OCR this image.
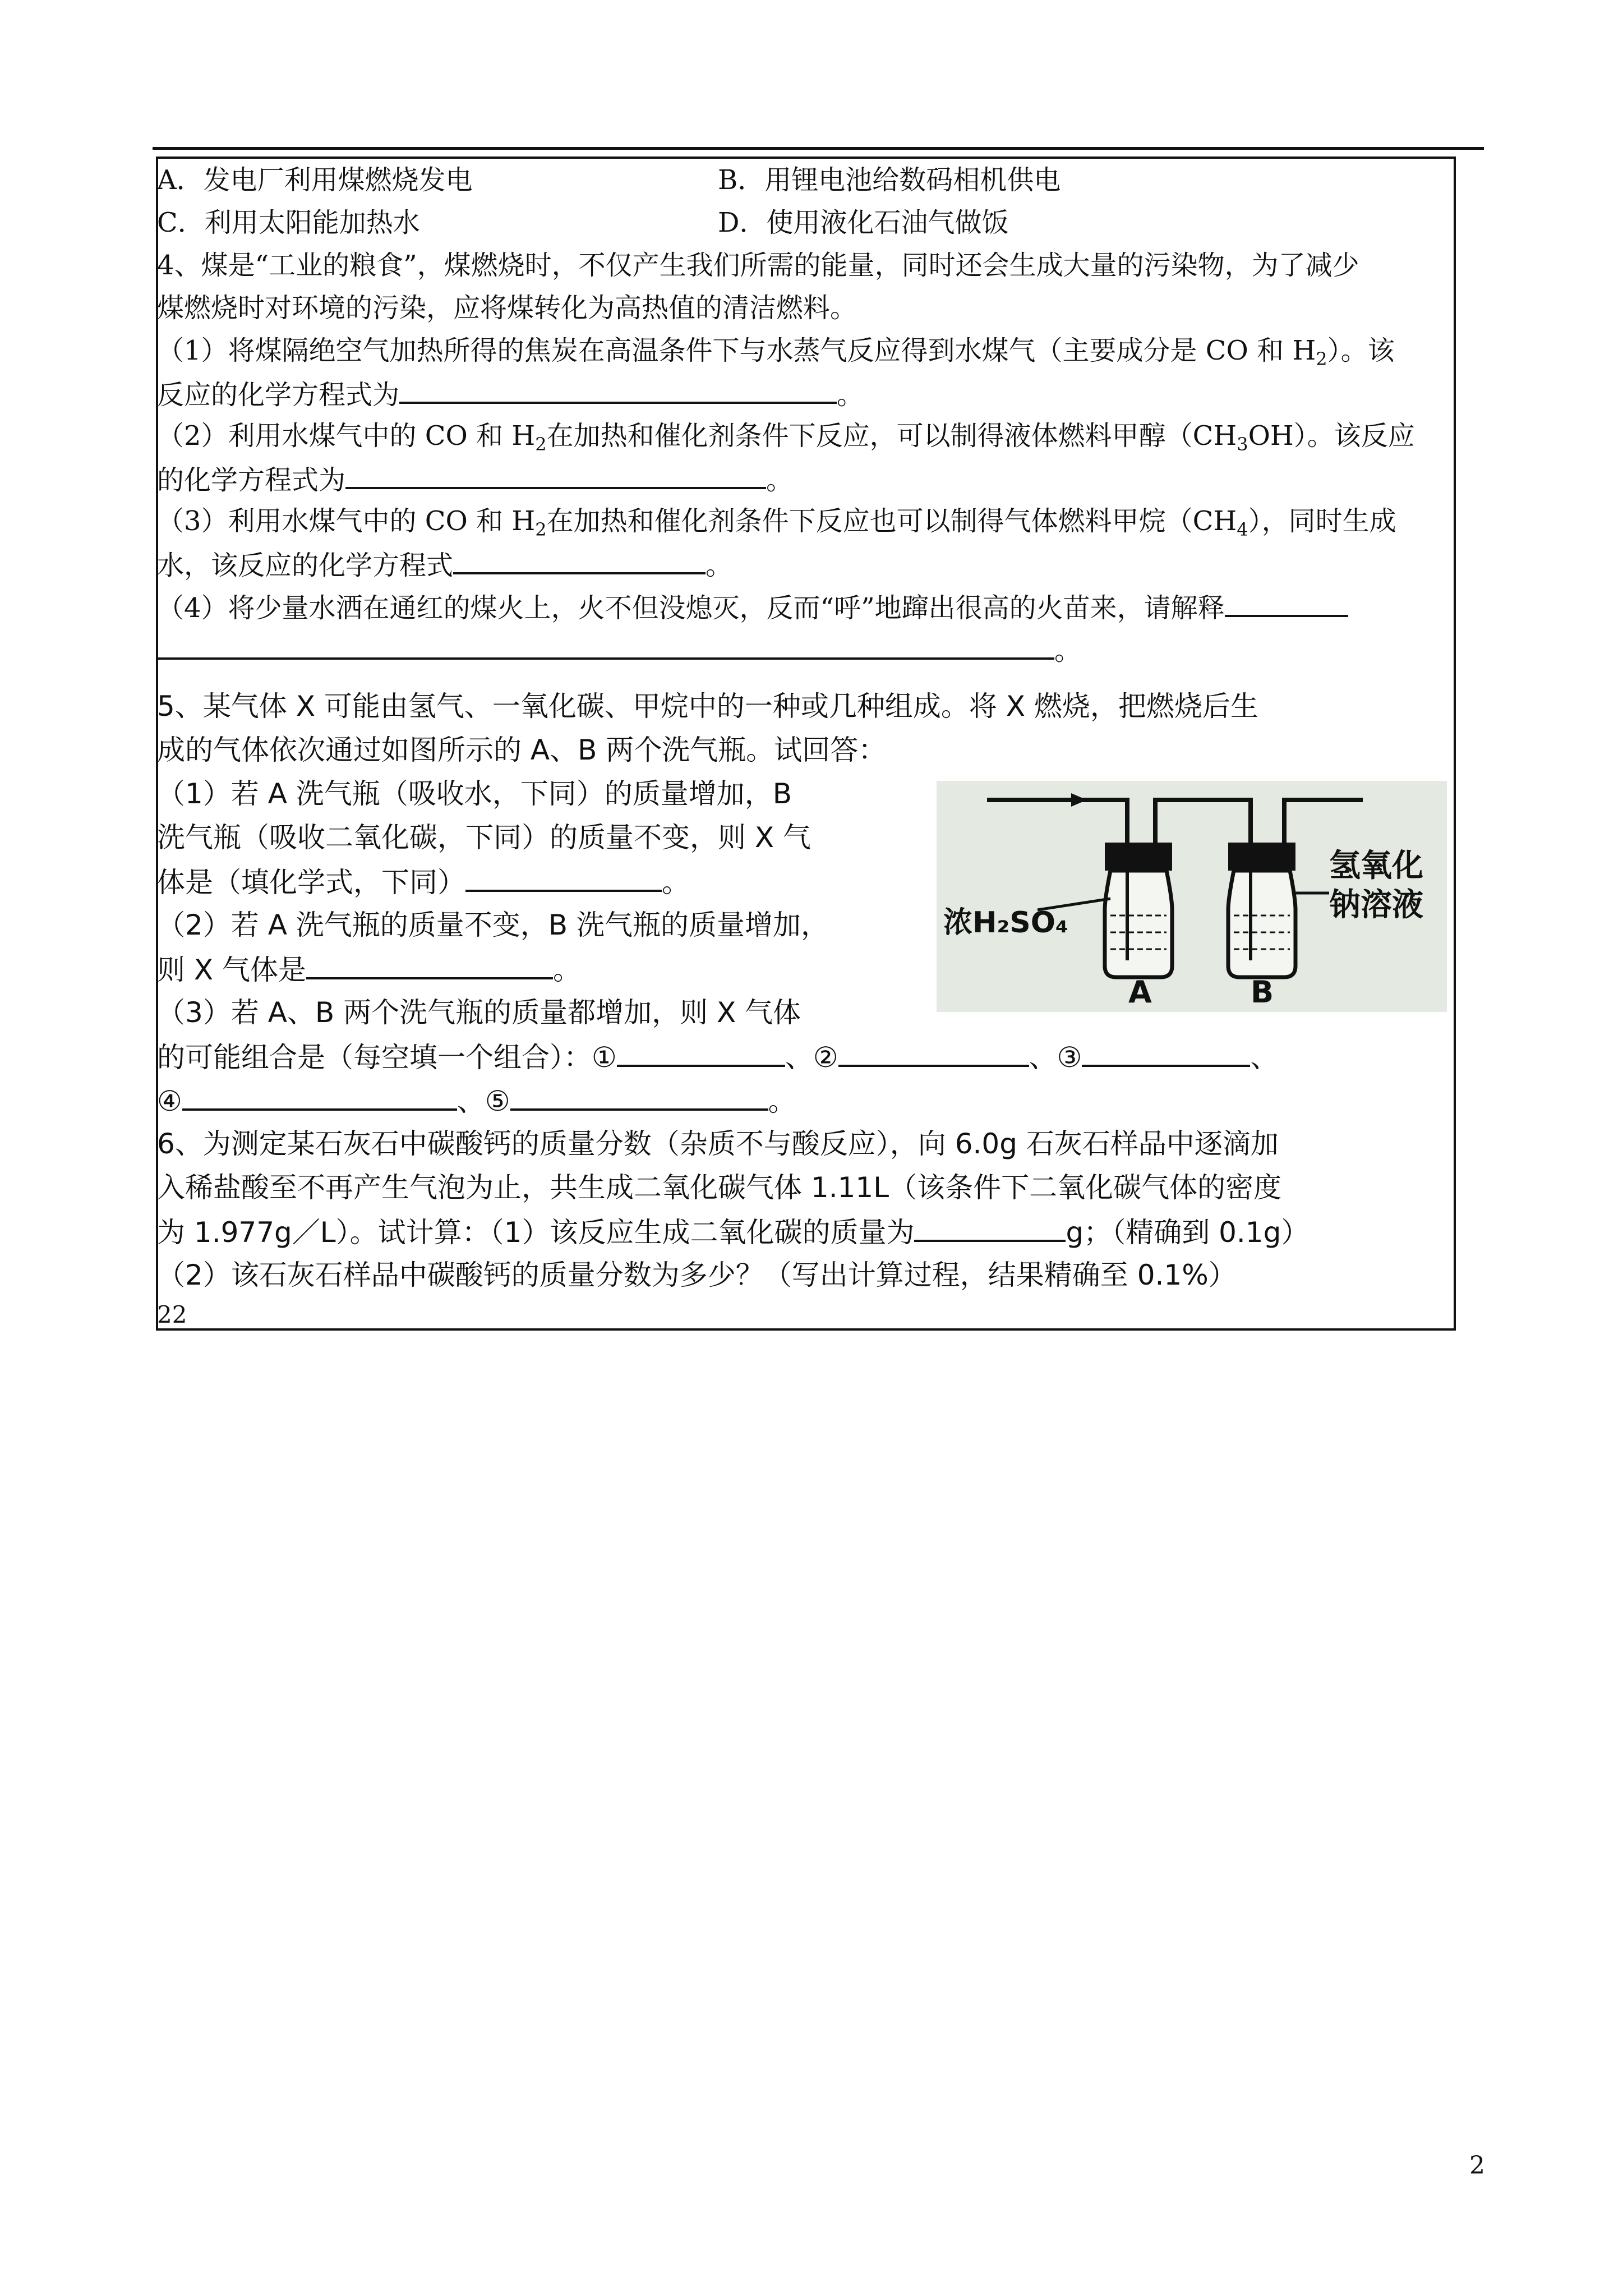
A．发电厂利用煤燃烧发电	B．用锂电池给数码相机供电
C．利用太阳能加热水	D．使用液化石油气做饭
4、煤是“工业的粮食”，煤燃烧时，不仅产生我们所需的能量，同时还会生成大量的污染物，为了减少
煤燃烧时对环境的污染，应将煤转化为高热值的清洁燃料。
（1）将煤隔绝空气加热所得的焦炭在高温条件下与水蒸气反应得到水煤气（主要成分是 CO 和 $H_2$）。该
反应的化学方程式为	。
（2）利用水煤气中的 CO 和 $H_2$在加热和催化剂条件下反应，可以制得液体燃料甲醇$(CH_3OH)$。该反应
的化学方程式为	。
（3）利用水煤气中的 CO 和 $H_2$在加热和催化剂条件下反应也可以制得气体燃料甲烷$(CH_4)$，同时生成
水，该反应的化学方程式	。
（4）将少量水洒在通红的煤火上，火不但没熄灭，反而“呼”地蹿出很高的火苗来，请解释
。
5、某气体 X 可能由氢气、一氧化碳、甲烷中的一种或几种组成。将 X 燃烧，把燃烧后生
成的气体依次通过如图所示的 A、B 两个洗气瓶。试回答：
（1）若 A 洗气瓶（吸收水，下同）的质量增加，B
洗气瓶（吸收二氧化碳，下同）的质量不变，则 X 气
体是（填化学式，下同）	。
（2）若 A 洗气瓶的质量不变，B 洗气瓶的质量增加，
则 X 气体是	。
（3）若 A、B 两个洗气瓶的质量都增加，则 X 气体
的可能组合是（每空填一个组合）：①	、②	、③	、
④	、⑤	。
浓H₂SO₄
氢氧化
钠溶液
A	B
6、为测定某石灰石中碳酸钙的质量分数（杂质不与酸反应），向 6.0g 石灰石样品中逐滴加
入稀盐酸至不再产生气泡为止，共生成二氧化碳气体 1.11L（该条件下二氧化碳气体的密度
为 1.977g／L）。试计算：（1）该反应生成二氧化碳的质量为	g；（精确到 0.1g）
（2）该石灰石样品中碳酸钙的质量分数为多少？（写出计算过程，结果精确至 0.1%）
22
2
